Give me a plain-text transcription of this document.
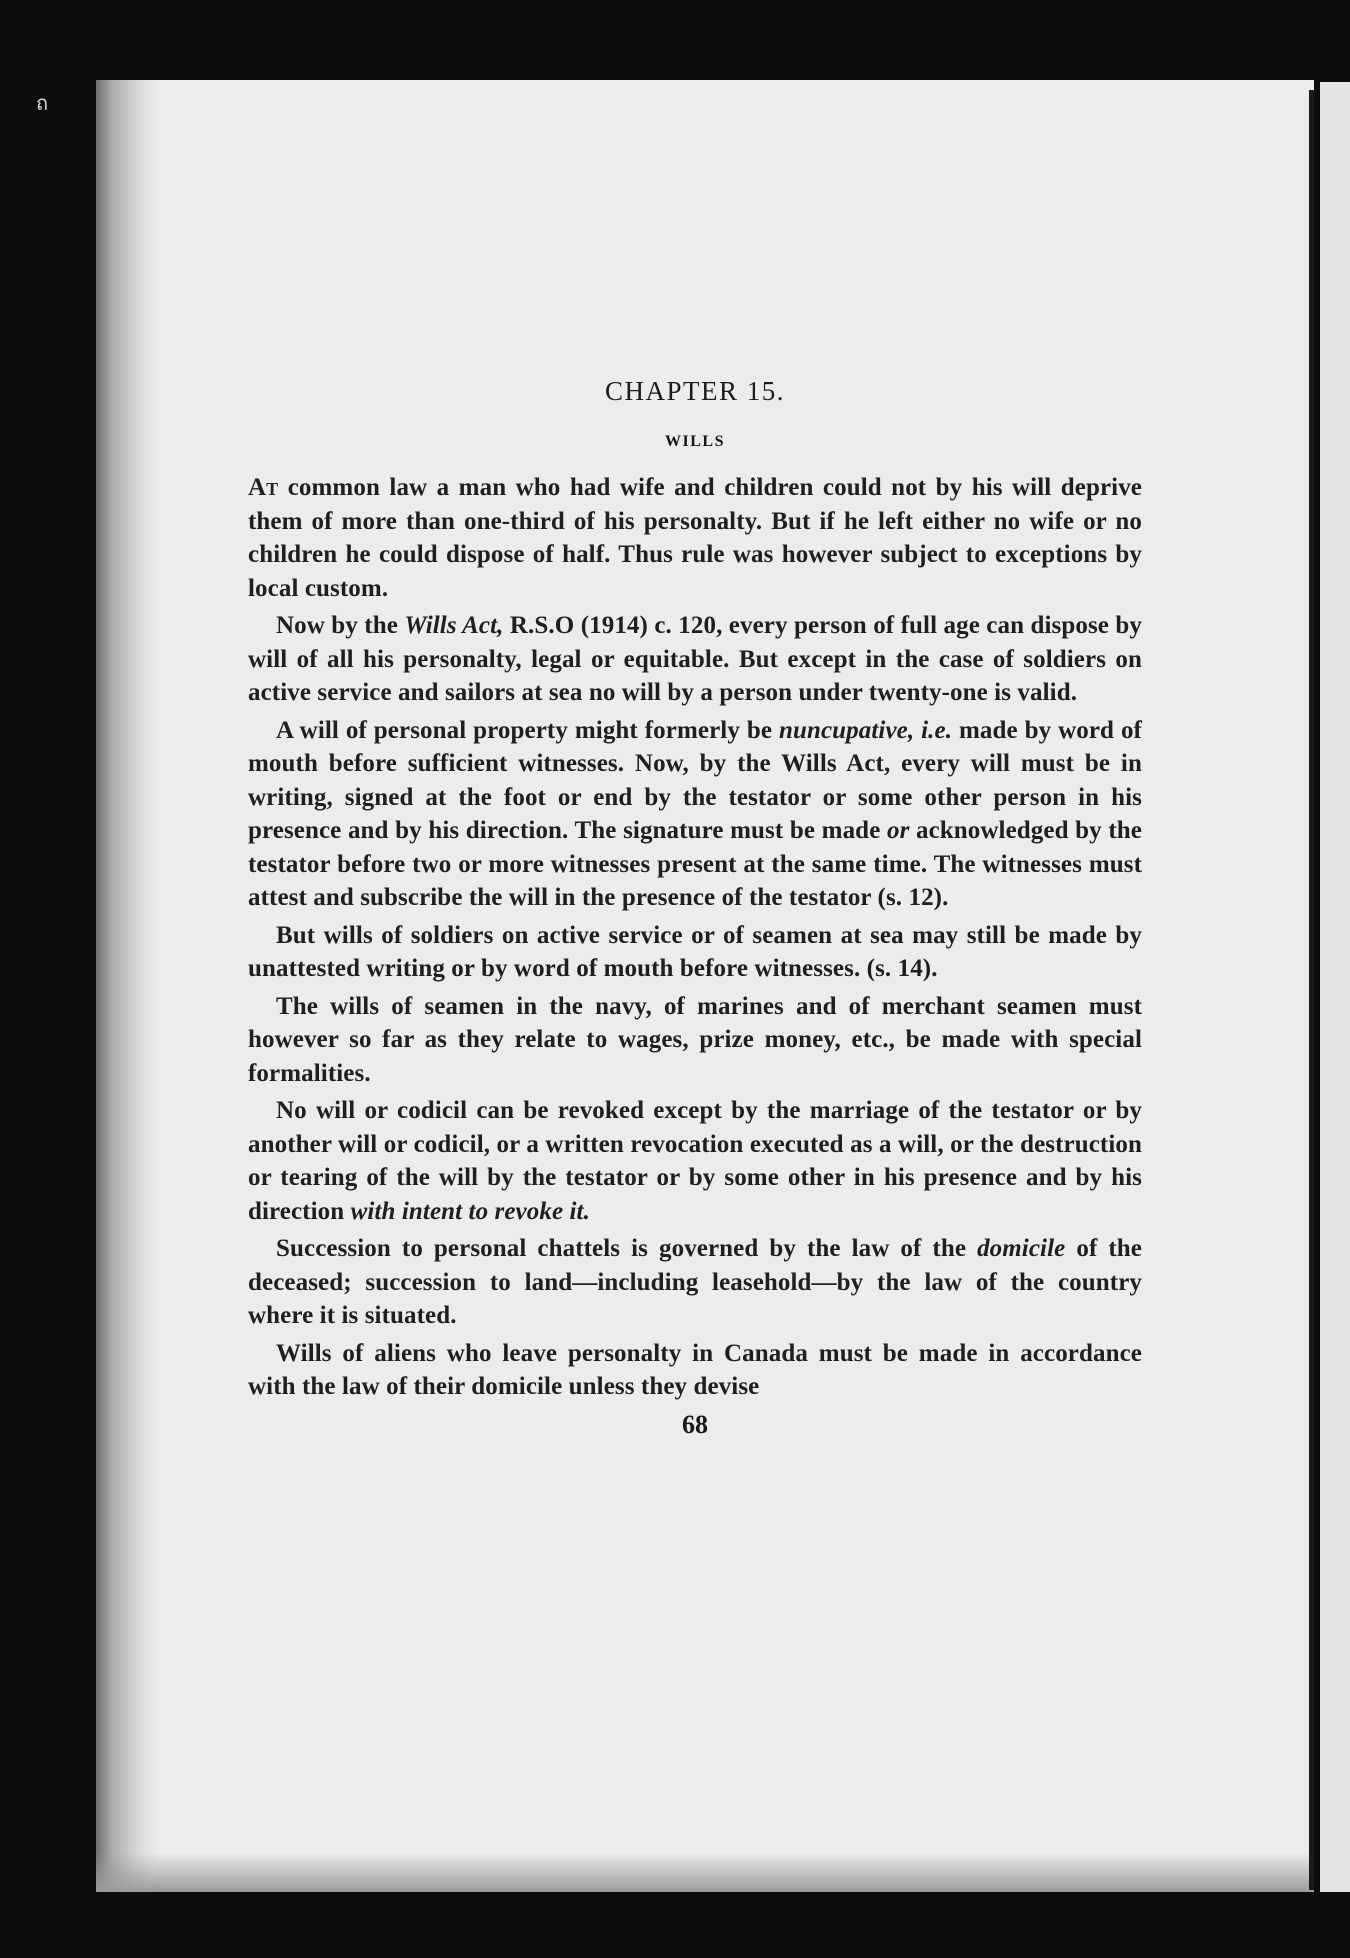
ถ
CHAPTER 15.
WILLS

At common law a man who had wife and children could not by his will deprive them of more than one-third of his personalty. But if he left either no wife or no children he could dispose of half. Thus rule was however subject to exceptions by local custom.

Now by the Wills Act, R.S.O (1914) c. 120, every person of full age can dispose by will of all his personalty, legal or equitable. But except in the case of soldiers on active service and sailors at sea no will by a person under twenty-one is valid.

A will of personal property might formerly be nuncupative, i.e. made by word of mouth before sufficient witnesses. Now, by the Wills Act, every will must be in writing, signed at the foot or end by the testator or some other person in his presence and by his direction. The signature must be made or acknowledged by the testator before two or more witnesses present at the same time. The witnesses must attest and subscribe the will in the presence of the testator (s. 12).

But wills of soldiers on active service or of seamen at sea may still be made by unattested writing or by word of mouth before witnesses. (s. 14).

The wills of seamen in the navy, of marines and of merchant seamen must however so far as they relate to wages, prize money, etc., be made with special formalities.

No will or codicil can be revoked except by the marriage of the testator or by another will or codicil, or a written revocation executed as a will, or the destruction or tearing of the will by the testator or by some other in his presence and by his direction with intent to revoke it.

Succession to personal chattels is governed by the law of the domicile of the deceased; succession to land—including leasehold—by the law of the country where it is situated.

Wills of aliens who leave personalty in Canada must be made in accordance with the law of their domicile unless they devise

68
